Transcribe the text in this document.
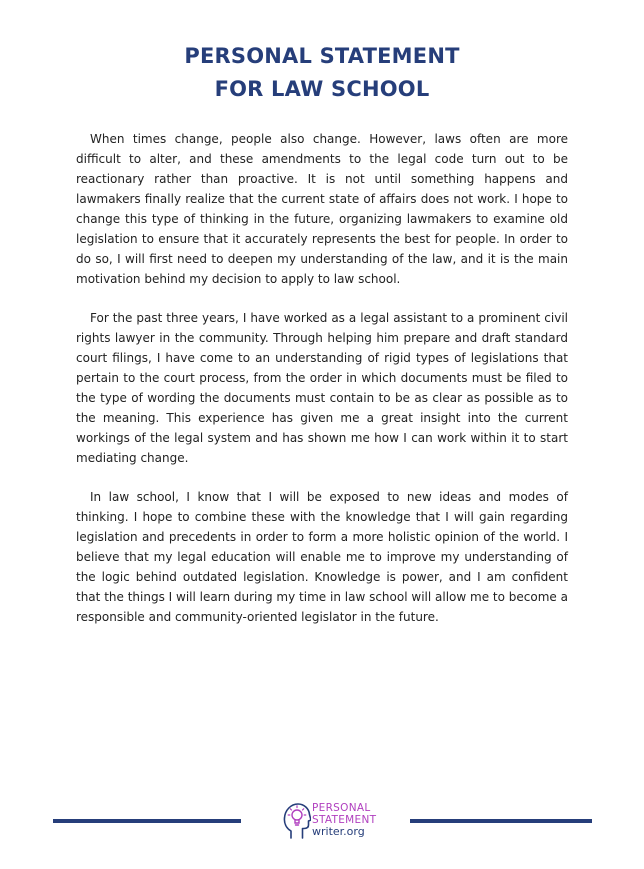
PERSONAL STATEMENT
FOR LAW SCHOOL

When times change, people also change. However, laws often are more difficult to alter, and these amendments to the legal code turn out to be reactionary rather than proactive. It is not until something happens and lawmakers finally realize that the current state of affairs does not work. I hope to change this type of thinking in the future, organizing lawmakers to examine old legislation to ensure that it accurately represents the best for people. In order to do so, I will first need to deepen my understanding of the law, and it is the main motivation behind my decision to apply to law school.

For the past three years, I have worked as a legal assistant to a prominent civil rights lawyer in the community. Through helping him prepare and draft standard court filings, I have come to an understanding of rigid types of legislations that pertain to the court process, from the order in which documents must be filed to the type of wording the documents must contain to be as clear as possible as to the meaning. This experience has given me a great insight into the current workings of the legal system and has shown me how I can work within it to start mediating change.

In law school, I know that I will be exposed to new ideas and modes of thinking. I hope to combine these with the knowledge that I will gain regarding legislation and precedents in order to form a more holistic opinion of the world. I believe that my legal education will enable me to improve my understanding of the logic behind outdated legislation. Knowledge is power, and I am confident that the things I will learn during my time in law school will allow me to become a responsible and community-oriented legislator in the future.

PERSONAL
STATEMENT
writer.org
